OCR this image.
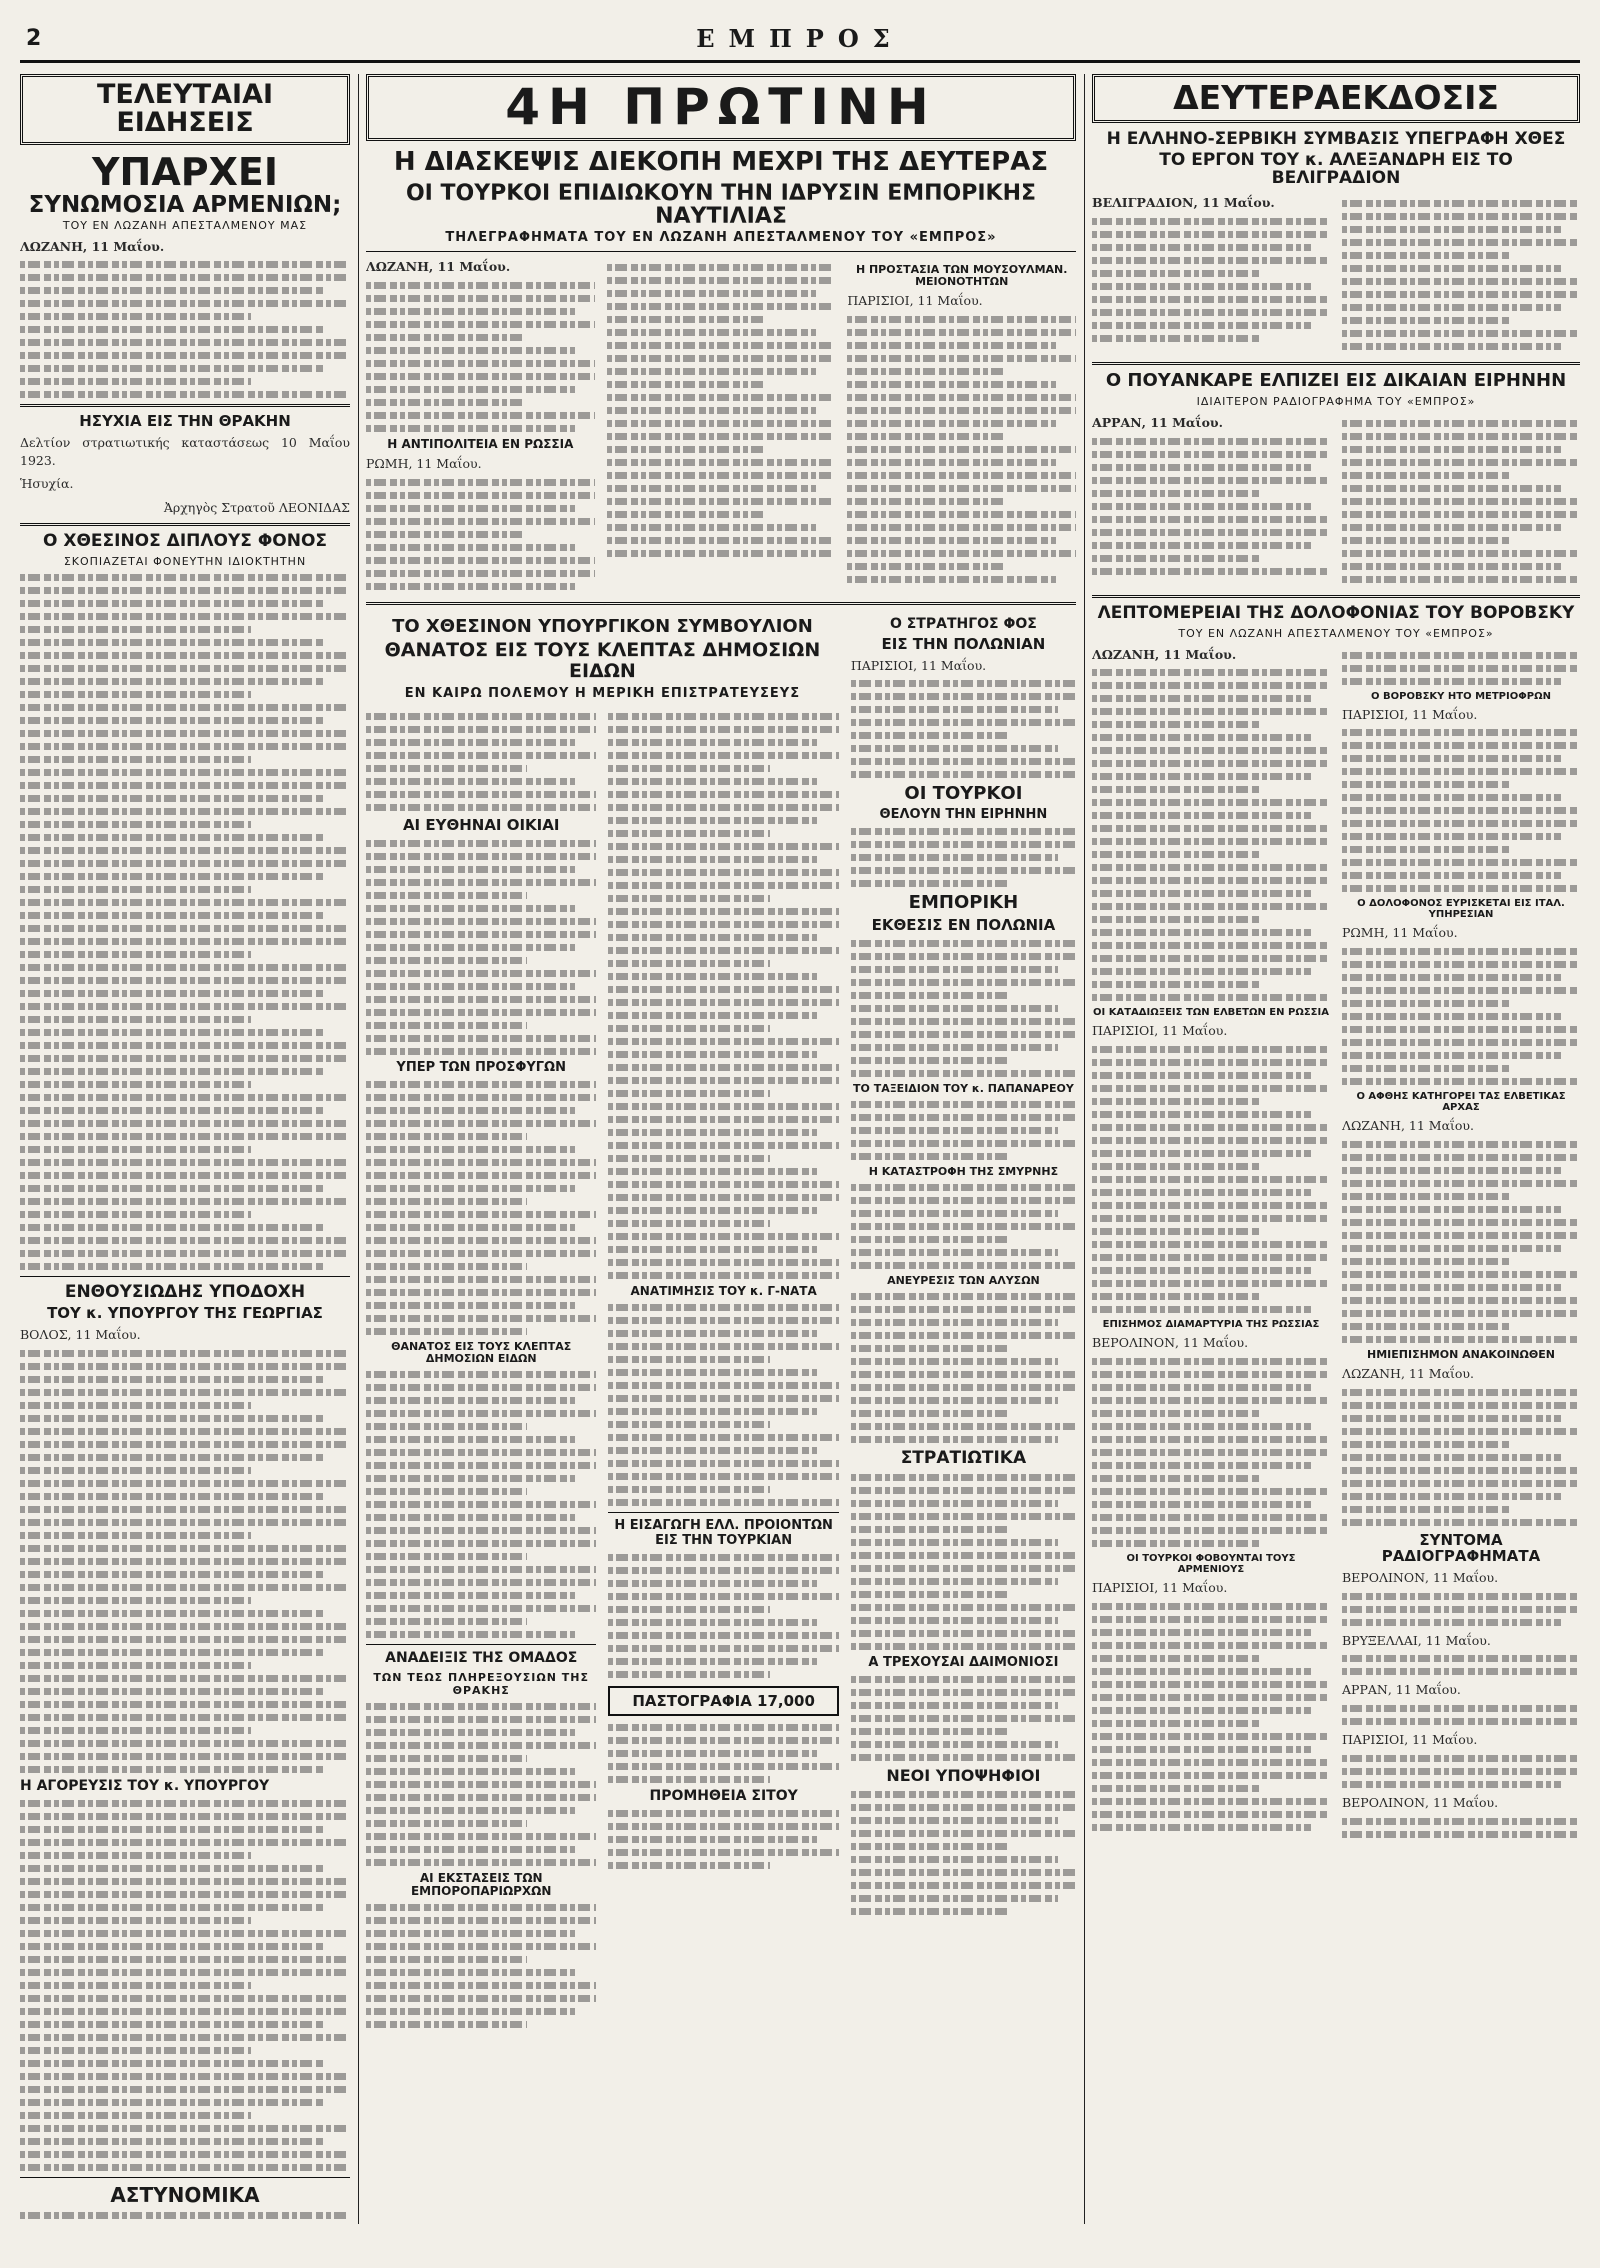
2	ΕΜΠΡΟΣ

ΤΕΛΕΥΤΑΙΑΙ ΕΙΔΗΣΕΙΣ

ΥΠΑΡΧΕΙ

ΣΥΝΩΜΟΣΙΑ ΑΡΜΕΝΙΩΝ;

ΤΟΥ ΕΝ ΛΩΖΑΝΗ ΑΠΕΣΤΑΛΜΕΝΟΥ ΜΑΣ

ΛΩΖΑΝΗ, 11 Μαΐου.

ΗΣΥΧΙΑ ΕΙΣ ΤΗΝ ΘΡΑΚΗΝ

Δελτίον στρατιωτικής καταστάσεως 10 Μαΐου 1923.

Ἡσυχία.

Ἀρχηγὸς Στρατοῦ ΛΕΟΝΙΔΑΣ

Ο ΧΘΕΣΙΝΟΣ ΔΙΠΛΟΥΣ ΦΟΝΟΣ

ΣΚΟΠΙΑΖΕΤΑΙ ΦΟΝΕΥΤΗΝ ΙΔΙΟΚΤΗΤΗΝ

ΕΝΘΟΥΣΙΩΔΗΣ ΥΠΟΔΟΧΗ

ΤΟΥ κ. ΥΠΟΥΡΓΟΥ ΤΗΣ ΓΕΩΡΓΙΑΣ

ΒΟΛΟΣ, 11 Μαΐου.

Η ΑΓΟΡΕΥΣΙΣ ΤΟΥ κ. ΥΠΟΥΡΓΟΥ

ΑΣΤΥΝΟΜΙΚΑ

4Η ΠΡΩΤΙΝΗ

Η ΔΙΑΣΚΕΨΙΣ ΔΙΕΚΟΠΗ ΜΕΧΡΙ ΤΗΣ ΔΕΥΤΕΡΑΣ

ΟΙ ΤΟΥΡΚΟΙ ΕΠΙΔΙΩΚΟΥΝ ΤΗΝ ΙΔΡΥΣΙΝ ΕΜΠΟΡΙΚΗΣ ΝΑΥΤΙΛΙΑΣ

ΤΗΛΕΓΡΑΦΗΜΑΤΑ ΤΟΥ ΕΝ ΛΩΖΑΝΗ ΑΠΕΣΤΑΛΜΕΝΟΥ ΤΟΥ «ΕΜΠΡΟΣ»

ΛΩΖΑΝΗ, 11 Μαΐου.

Η ΑΝΤΙΠΟΛΙΤΕΙΑ ΕΝ ΡΩΣΣΙΑ

ΡΩΜΗ, 11 Μαΐου.

Η ΠΡΟΣΤΑΣΙΑ ΤΩΝ ΜΟΥΣΟΥΛΜΑΝ. ΜΕΙΟΝΟΤΗΤΩΝ

ΠΑΡΙΣΙΟΙ, 11 Μαΐου.

ΤΟ ΧΘΕΣΙΝΟΝ ΥΠΟΥΡΓΙΚΟΝ ΣΥΜΒΟΥΛΙΟΝ

ΘΑΝΑΤΟΣ ΕΙΣ ΤΟΥΣ ΚΛΕΠΤΑΣ ΔΗΜΟΣΙΩΝ ΕΙΔΩΝ

ΕΝ ΚΑΙΡΩ ΠΟΛΕΜΟΥ Η ΜΕΡΙΚΗ ΕΠΙΣΤΡΑΤΕΥΣΕΥΣ

ΑΙ ΕΥΘΗΝΑΙ ΟΙΚΙΑΙ

ΥΠΕΡ ΤΩΝ ΠΡΟΣΦΥΓΩΝ

ΘΑΝΑΤΟΣ ΕΙΣ ΤΟΥΣ ΚΛΕΠΤΑΣ ΔΗΜΟΣΙΩΝ ΕΙΔΩΝ

ΑΝΑΔΕΙΞΙΣ ΤΗΣ ΟΜΑΔΟΣ

ΤΩΝ ΤΕΩΣ ΠΛΗΡΕΞΟΥΣΙΩΝ ΤΗΣ ΘΡΑΚΗΣ

ΑΙ ΕΚΣΤΑΣΕΙΣ ΤΩΝ ΕΜΠΟΡΟΠΑΡΙΩΡΧΩΝ

ΑΝΑΤΙΜΗΣΙΣ ΤΟΥ κ. Γ-ΝΑΤΑ

Η ΕΙΣΑΓΩΓΗ ΕΛΛ. ΠΡΟΙΟΝΤΩΝ ΕΙΣ ΤΗΝ ΤΟΥΡΚΙΑΝ

ΠΑΣΤΟΓΡΑΦΙΑ 17,000

ΠΡΟΜΗΘΕΙΑ ΣΙΤΟΥ

Ο ΣΤΡΑΤΗΓΟΣ ΦΟΣ

ΕΙΣ ΤΗΝ ΠΟΛΩΝΙΑΝ

ΠΑΡΙΣΙΟΙ, 11 Μαΐου.

ΟΙ ΤΟΥΡΚΟΙ

ΘΕΛΟΥΝ ΤΗΝ ΕΙΡΗΝΗΝ

ΕΜΠΟΡΙΚΗ

ΕΚΘΕΣΙΣ ΕΝ ΠΟΛΩΝΙΑ

ΤΟ ΤΑΞΕΙΔΙΟΝ ΤΟΥ κ. ΠΑΠΑΝΑΡΕΟΥ

Η ΚΑΤΑΣΤΡΟΦΗ ΤΗΣ ΣΜΥΡΝΗΣ

ΑΝΕΥΡΕΣΙΣ ΤΩΝ ΑΛΥΣΩΝ

ΣΤΡΑΤΙΩΤΙΚΑ

Α ΤΡΕΧΟΥΣΑΙ ΔΑΙΜΟΝΙΟΣΙ

ΝΕΟΙ ΥΠΟΨΗΦΙΟΙ

ΔΕΥΤΕΡΑΕΚΔΟΣΙΣ

Η ΕΛΛΗΝΟ-ΣΕΡΒΙΚΗ ΣΥΜΒΑΣΙΣ ΥΠΕΓΡΑΦΗ ΧΘΕΣ

ΤΟ ΕΡΓΟΝ ΤΟΥ κ. ΑΛΕΞΑΝΔΡΗ ΕΙΣ ΤΟ ΒΕΛΙΓΡΑΔΙΟΝ

ΒΕΛΙΓΡΑΔΙΟΝ, 11 Μαΐου.

Ο ΠΟΥΑΝΚΑΡΕ ΕΛΠΙΖΕΙ ΕΙΣ ΔΙΚΑΙΑΝ ΕΙΡΗΝΗΝ

ΙΔΙΑΙΤΕΡΟΝ ΡΑΔΙΟΓΡΑΦΗΜΑ ΤΟΥ «ΕΜΠΡΟΣ»

ΑΡΡΑΝ, 11 Μαΐου.

ΛΕΠΤΟΜΕΡΕΙΑΙ ΤΗΣ ΔΟΛΟΦΟΝΙΑΣ ΤΟΥ ΒΟΡΟΒΣΚΥ

ΤΟΥ ΕΝ ΛΩΖΑΝΗ ΑΠΕΣΤΑΛΜΕΝΟΥ ΤΟΥ «ΕΜΠΡΟΣ»

ΛΩΖΑΝΗ, 11 Μαΐου.

ΟΙ ΚΑΤΑΔΙΩΞΕΙΣ ΤΩΝ ΕΛΒΕΤΩΝ ΕΝ ΡΩΣΣΙΑ

ΠΑΡΙΣΙΟΙ, 11 Μαΐου.

ΕΠΙΣΗΜΟΣ ΔΙΑΜΑΡΤΥΡΙΑ ΤΗΣ ΡΩΣΣΙΑΣ

ΒΕΡΟΛΙΝΟΝ, 11 Μαΐου.

ΟΙ ΤΟΥΡΚΟΙ ΦΟΒΟΥΝΤΑΙ ΤΟΥΣ ΑΡΜΕΝΙΟΥΣ

ΠΑΡΙΣΙΟΙ, 11 Μαΐου.

Ο ΒΟΡΟΒΣΚΥ ΗΤΟ ΜΕΤΡΙΟΦΡΩΝ

ΠΑΡΙΣΙΟΙ, 11 Μαΐου.

Ο ΔΟΛΟΦΟΝΟΣ ΕΥΡΙΣΚΕΤΑΙ ΕΙΣ ΙΤΑΛ. ΥΠΗΡΕΣΙΑΝ

ΡΩΜΗ, 11 Μαΐου.

Ο ΑΦΘΗΣ ΚΑΤΗΓΟΡΕΙ ΤΑΣ ΕΛΒΕΤΙΚΑΣ ΑΡΧΑΣ

ΛΩΖΑΝΗ, 11 Μαΐου.

ΗΜΙΕΠΙΣΗΜΟΝ ΑΝΑΚΟΙΝΩΘΕΝ

ΛΩΖΑΝΗ, 11 Μαΐου.

ΣΥΝΤΟΜΑ ΡΑΔΙΟΓΡΑΦΗΜΑΤΑ

ΒΕΡΟΛΙΝΟΝ, 11 Μαΐου.

ΒΡΥΞΕΛΛΑΙ, 11 Μαΐου.

ΑΡΡΑΝ, 11 Μαΐου.

ΠΑΡΙΣΙΟΙ, 11 Μαΐου.

ΒΕΡΟΛΙΝΟΝ, 11 Μαΐου.
